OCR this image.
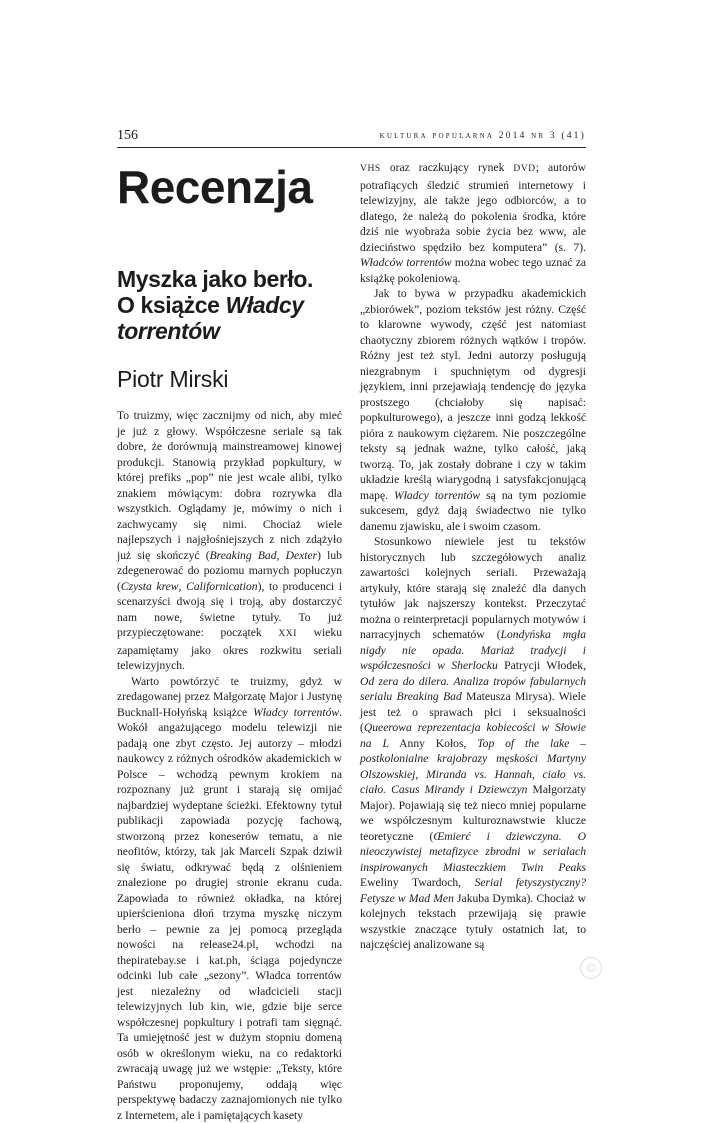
156	kultura popularna 2014 nr 3 (41)
Recenzja
Myszka jako berło.
O książce Władcy
torrentów
Piotr Mirski

To truizmy, więc zacznijmy od nich, aby mieć je już z głowy. Współczesne seriale są tak dobre, że dorównują mainstreamowej kinowej produkcji. Stanowią przykład popkultury, w której prefiks „pop” nie jest wcale alibi, tylko znakiem mówiącym: dobra rozrywka dla wszystkich. Oglądamy je, mówimy o nich i zachwycamy się nimi. Chociaż wiele najlepszych i najgłośniejszych z nich zdążyło już się skończyć (Breaking Bad, Dexter) lub zdegenerować do poziomu marnych popłuczyn (Czysta krew, Californication), to producenci i scenarzyści dwoją się i troją, aby dostarczyć nam nowe, świetne tytuły. To już przypieczętowane: początek XXI wieku zapamiętamy jako okres rozkwitu seriali telewizyjnych.

Warto powtórzyć te truizmy, gdyż w zredagowanej przez Małgorzatę Major i Justynę Bucknall-Hołyńską książce Władcy torrentów. Wokół angażującego modelu telewizji nie padają one zbyt często. Jej autorzy – młodzi naukowcy z różnych ośrodków akademickich w Polsce – wchodzą pewnym krokiem na rozpoznany już grunt i starają się omijać najbardziej wydeptane ścieżki. Efektowny tytuł publikacji zapowiada pozycję fachową, stworzoną przez koneserów tematu, a nie neofitów, którzy, tak jak Marceli Szpak dziwił się światu, odkrywać będą z olśnieniem znalezione po drugiej stronie ekranu cuda. Zapowiada to również okładka, na której upierścieniona dłoń trzyma myszkę niczym berło – pewnie za jej pomocą przegląda nowości na release24.pl, wchodzi na thepiratebay.se i kat.ph, ściąga pojedyncze odcinki lub całe „sezony”. Władca torrentów jest niezależny od władcicieli stacji telewizyjnych lub kin, wie, gdzie bije serce współczesnej popkultury i potrafi tam sięgnąć. Ta umiejętność jest w dużym stopniu domeną osób w określonym wieku, na co redaktorki zwracają uwagę już we wstępie: „Teksty, które Państwu proponujemy, oddają więc perspektywę badaczy zaznajomionych nie tylko z Internetem, ale i pamiętających kasety

VHS oraz raczkujący rynek DVD; autorów potrafiących śledzić strumień internetowy i telewizyjny, ale także jego odbiorców, a to dlatego, że należą do pokolenia środka, które dziś nie wyobraża sobie życia bez www, ale dzieciństwo spędziło bez komputera” (s. 7). Władców torrentów można wobec tego uznać za książkę pokoleniową.

Jak to bywa w przypadku akademickich „zbiorówek”, poziom tekstów jest różny. Część to klarowne wywody, część jest natomiast chaotyczny zbiorem różnych wątków i tropów. Różny jest też styl. Jedni autorzy posługują niezgrabnym i spuchniętym od dygresji językiem, inni przejawiają tendencję do języka prostszego (chciałoby się napisać: popkulturowego), a jeszcze inni godzą lekkość pióra z naukowym ciężarem. Nie poszczególne teksty są jednak ważne, tylko całość, jaką tworzą. To, jak zostały dobrane i czy w takim układzie kreślą wiarygodną i satysfakcjonującą mapę. Władcy torrentów są na tym poziomie sukcesem, gdyż dają świadectwo nie tylko danemu zjawisku, ale i swoim czasom.

Stosunkowo niewiele jest tu tekstów historycznych lub szczegółowych analiz zawartości kolejnych seriali. Przeważają artykuły, które starają się znaleźć dla danych tytułów jak najszerszy kontekst. Przeczytać można o reinterpretacji popularnych motywów i narracyjnych schematów (Londyńska mgła nigdy nie opada. Mariaż tradycji i współczesności w Sherlocku Patrycji Włodek, Od zera do dilera. Analiza tropów fabularnych serialu Breaking Bad Mateusza Mirysa). Wiele jest też o sprawach płci i seksualności (Queerowa reprezentacja kobiecości w Słowie na L Anny Kołos, Top of the lake – postkolonialne krajobrazy męskości Martyny Olszowskiej, Miranda vs. Hannah, ciało vs. ciało. Casus Mirandy i Dziewczyn Małgorzaty Major). Pojawiają się też nieco mniej popularne we współczesnym kulturoznawstwie klucze teoretyczne (Œmierć i dziewczyna. O nieoczywistej metafizyce zbrodni w serialach inspirowanych Miasteczkiem Twin Peaks Eweliny Twardoch, Serial fetyszystyczny? Fetysze w Mad Men Jakuba Dymka). Chociaż w kolejnych tekstach przewijają się prawie wszystkie znaczące tytuły ostatnich lat, to najczęściej analizowane są

©
